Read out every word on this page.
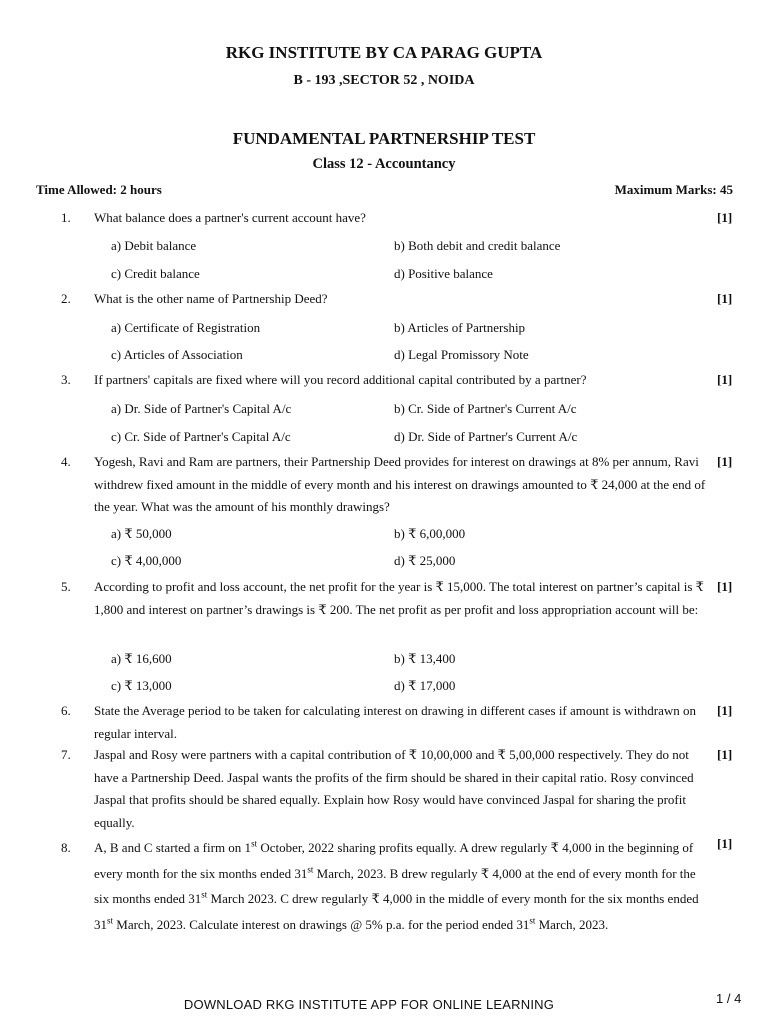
RKG INSTITUTE BY CA PARAG GUPTA
B - 193 ,SECTOR 52 , NOIDA
FUNDAMENTAL PARTNERSHIP TEST
Class 12 - Accountancy
Time Allowed: 2 hours	Maximum Marks: 45
1. What balance does a partner's current account have?	[1]
a) Debit balance	b) Both debit and credit balance
c) Credit balance	d) Positive balance
2. What is the other name of Partnership Deed?	[1]
a) Certificate of Registration	b) Articles of Partnership
c) Articles of Association	d) Legal Promissory Note
3. If partners' capitals are fixed where will you record additional capital contributed by a partner?	[1]
a) Dr. Side of Partner's Capital A/c	b) Cr. Side of Partner's Current A/c
c) Cr. Side of Partner's Capital A/c	d) Dr. Side of Partner's Current A/c
4. Yogesh, Ravi and Ram are partners, their Partnership Deed provides for interest on drawings at 8% per annum, Ravi withdrew fixed amount in the middle of every month and his interest on drawings amounted to ₹ 24,000 at the end of the year. What was the amount of his monthly drawings?
[1]
a) ₹ 50,000	b) ₹ 6,00,000
c) ₹ 4,00,000	d) ₹ 25,000
5. According to profit and loss account, the net profit for the year is ₹ 15,000. The total interest on partner’s capital is ₹ 1,800 and interest on partner’s drawings is ₹ 200. The net profit as per profit and loss appropriation account will be:
[1]
a) ₹ 16,600	b) ₹ 13,400
c) ₹ 13,000	d) ₹ 17,000
6. State the Average period to be taken for calculating interest on drawing in different cases if amount is withdrawn on regular interval.
[1]
7. Jaspal and Rosy were partners with a capital contribution of ₹ 10,00,000 and ₹ 5,00,000 respectively. They do not have a Partnership Deed. Jaspal wants the profits of the firm should be shared in their capital ratio. Rosy convinced Jaspal that profits should be shared equally. Explain how Rosy would have convinced Jaspal for sharing the profit equally.
[1]
8. A, B and C started a firm on 1st October, 2022 sharing profits equally. A drew regularly ₹ 4,000 in the beginning of every month for the six months ended 31st March, 2023. B drew regularly ₹ 4,000 at the end of every month for the six months ended 31st March 2023. C drew regularly ₹ 4,000 in the middle of every month for the six months ended 31st March, 2023. Calculate interest on drawings @ 5% p.a. for the period ended 31st March, 2023.
[1]
DOWNLOAD RKG INSTITUTE APP FOR ONLINE LEARNING	1 / 4
